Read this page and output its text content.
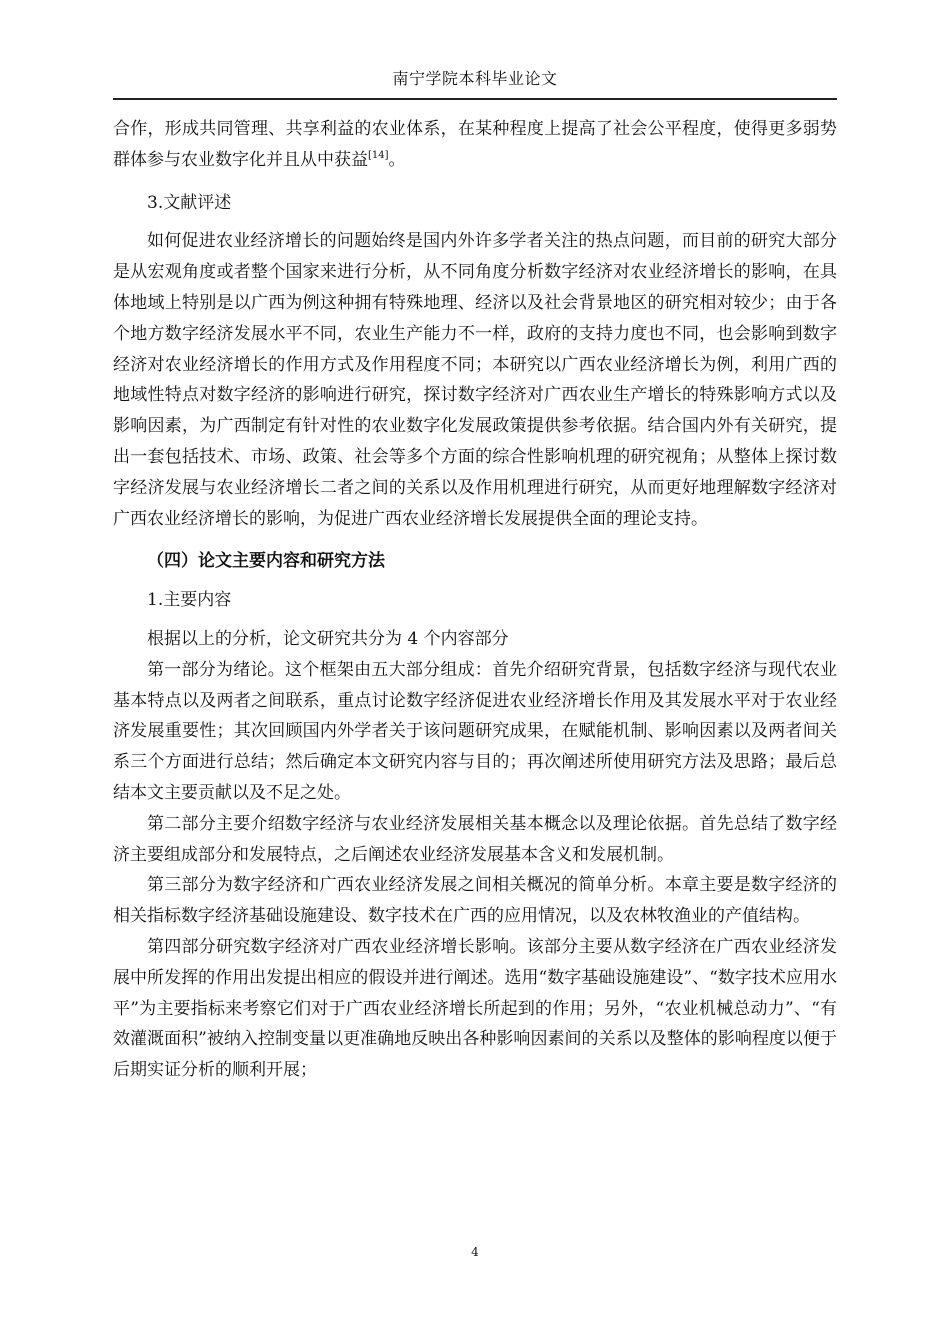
南宁学院本科毕业论文

合作，形成共同管理、共享利益的农业体系，在某种程度上提高了社会公平程度，使得更多弱势群体参与农业数字化并且从中获益[14]。

3.文献评述

如何促进农业经济增长的问题始终是国内外许多学者关注的热点问题，而目前的研究大部分是从宏观角度或者整个国家来进行分析，从不同角度分析数字经济对农业经济增长的影响，在具体地域上特别是以广西为例这种拥有特殊地理、经济以及社会背景地区的研究相对较少；由于各个地方数字经济发展水平不同，农业生产能力不一样，政府的支持力度也不同，也会影响到数字经济对农业经济增长的作用方式及作用程度不同；本研究以广西农业经济增长为例，利用广西的地域性特点对数字经济的影响进行研究，探讨数字经济对广西农业生产增长的特殊影响方式以及影响因素，为广西制定有针对性的农业数字化发展政策提供参考依据。结合国内外有关研究，提出一套包括技术、市场、政策、社会等多个方面的综合性影响机理的研究视角；从整体上探讨数字经济发展与农业经济增长二者之间的关系以及作用机理进行研究，从而更好地理解数字经济对广西农业经济增长的影响，为促进广西农业经济增长发展提供全面的理论支持。

（四）论文主要内容和研究方法

1.主要内容

根据以上的分析，论文研究共分为 4 个内容部分

第一部分为绪论。这个框架由五大部分组成：首先介绍研究背景，包括数字经济与现代农业基本特点以及两者之间联系，重点讨论数字经济促进农业经济增长作用及其发展水平对于农业经济发展重要性；其次回顾国内外学者关于该问题研究成果，在赋能机制、影响因素以及两者间关系三个方面进行总结；然后确定本文研究内容与目的；再次阐述所使用研究方法及思路；最后总结本文主要贡献以及不足之处。

第二部分主要介绍数字经济与农业经济发展相关基本概念以及理论依据。首先总结了数字经济主要组成部分和发展特点，之后阐述农业经济发展基本含义和发展机制。

第三部分为数字经济和广西农业经济发展之间相关概况的简单分析。本章主要是数字经济的相关指标数字经济基础设施建设、数字技术在广西的应用情况，以及农林牧渔业的产值结构。

第四部分研究数字经济对广西农业经济增长影响。该部分主要从数字经济在广西农业经济发展中所发挥的作用出发提出相应的假设并进行阐述。选用“数字基础设施建设”、“数字技术应用水平”为主要指标来考察它们对于广西农业经济增长所起到的作用；另外，“农业机械总动力”、“有效灌溉面积”被纳入控制变量以更准确地反映出各种影响因素间的关系以及整体的影响程度以便于后期实证分析的顺利开展；

4
